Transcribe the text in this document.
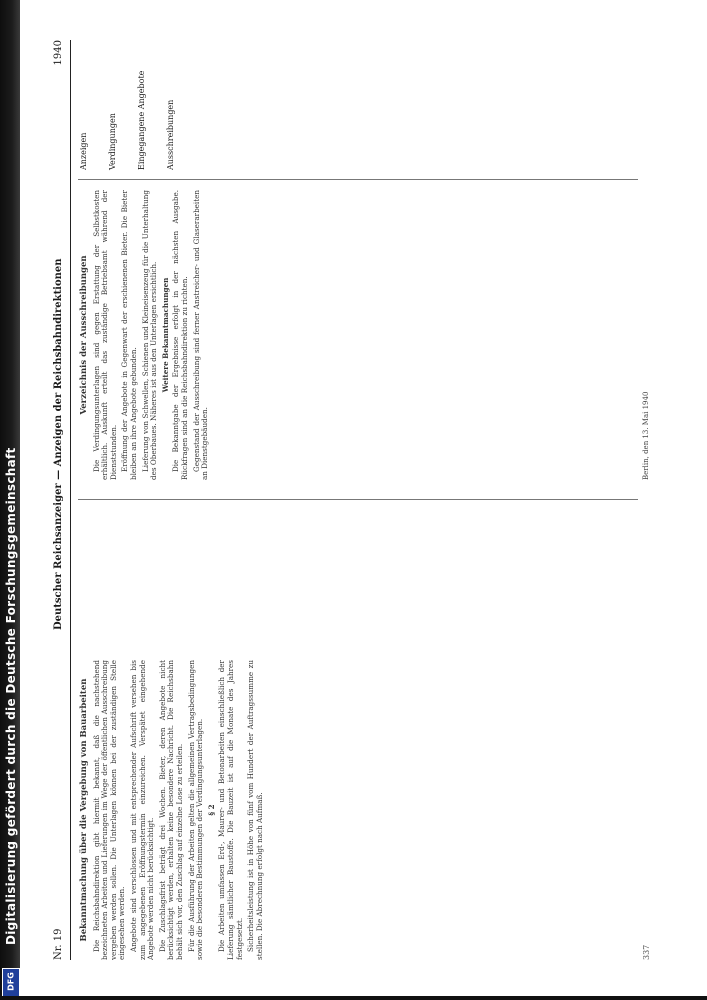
Digitalisierung gefördert durch die Deutsche Forschungsgemeinschaft
DFG
Nr. 19
Deutscher Reichsanzeiger — Anzeigen der Reichsbahndirektionen
1940
Bekanntmachung über die Vergebung von Bauarbeiten Die Reichsbahndirektion gibt hiermit bekannt, daß die nachstehend bezeichneten Arbeiten und Lieferungen im Wege der öffentlichen Ausschreibung vergeben werden sollen. Die Unterlagen können bei der zuständigen Stelle eingesehen werden. Angebote sind verschlossen und mit entsprechender Aufschrift versehen bis zum angegebenen Eröffnungstermin einzureichen. Verspätet eingehende Angebote werden nicht berücksichtigt. Die Zuschlagsfrist beträgt drei Wochen. Bieter, deren Angebote nicht berücksichtigt werden, erhalten keine besondere Nachricht. Die Reichsbahn behält sich vor, den Zuschlag auf einzelne Lose zu erteilen. Für die Ausführung der Arbeiten gelten die allgemeinen Vertragsbedingungen sowie die besonderen Bestimmungen der Verdingungsunterlagen. § 2 Die Arbeiten umfassen Erd-, Maurer- und Betonarbeiten einschließlich der Lieferung sämtlicher Baustoffe. Die Bauzeit ist auf die Monate des Jahres festgesetzt. Sicherheitsleistung ist in Höhe von fünf vom Hundert der Auftragssumme zu stellen. Die Abrechnung erfolgt nach Aufmaß.

Verzeichnis der Ausschreibungen Die Verdingungsunterlagen sind gegen Erstattung der Selbstkosten erhältlich. Auskunft erteilt das zuständige Betriebsamt während der Dienststunden. Eröffnung der Angebote in Gegenwart der erschienenen Bieter. Die Bieter bleiben an ihre Angebote gebunden. Lieferung von Schwellen, Schienen und Kleineisenzeug für die Unterhaltung des Oberbaues. Näheres ist aus den Unterlagen ersichtlich. Weitere Bekanntmachungen Die Bekanntgabe der Ergebnisse erfolgt in der nächsten Ausgabe. Rückfragen sind an die Reichsbahndirektion zu richten. Gegenstand der Ausschreibung sind ferner Anstreicher- und Glaserarbeiten an Dienstgebäuden.

Anzeigen	Verdingungen	Eingegangene Angebote	Ausschreibungen
Berlin, den 13. Mai 1940
337
